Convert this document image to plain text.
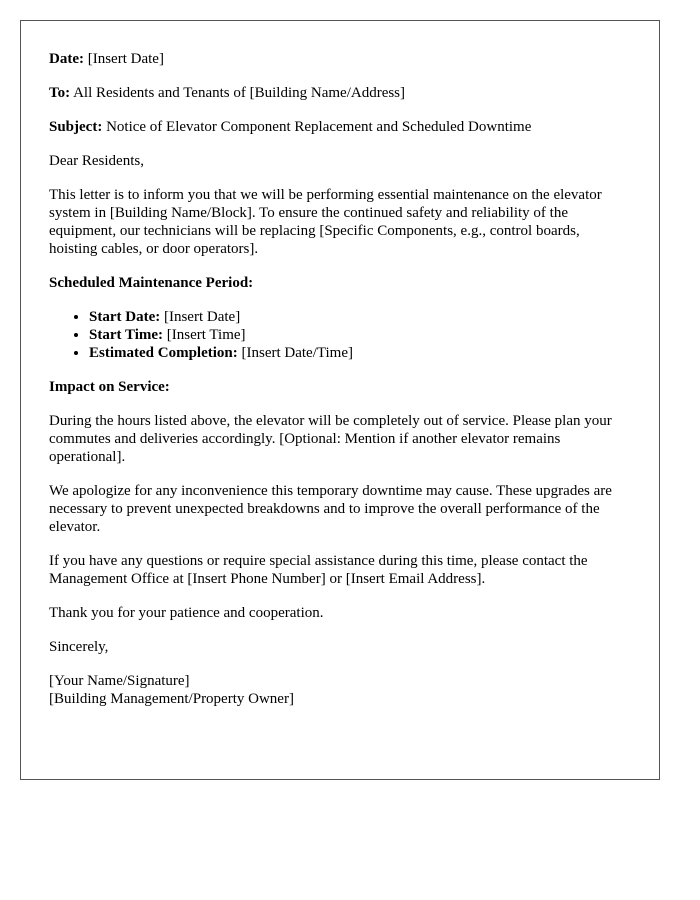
Date: [Insert Date]

To: All Residents and Tenants of [Building Name/Address]

Subject: Notice of Elevator Component Replacement and Scheduled Downtime

Dear Residents,

This letter is to inform you that we will be performing essential maintenance on the elevator system in [Building Name/Block]. To ensure the continued safety and reliability of the equipment, our technicians will be replacing [Specific Components, e.g., control boards, hoisting cables, or door operators].

Scheduled Maintenance Period:

• Start Date: [Insert Date]
• Start Time: [Insert Time]
• Estimated Completion: [Insert Date/Time]

Impact on Service:

During the hours listed above, the elevator will be completely out of service. Please plan your commutes and deliveries accordingly. [Optional: Mention if another elevator remains operational].

We apologize for any inconvenience this temporary downtime may cause. These upgrades are necessary to prevent unexpected breakdowns and to improve the overall performance of the elevator.

If you have any questions or require special assistance during this time, please contact the Management Office at [Insert Phone Number] or [Insert Email Address].

Thank you for your patience and cooperation.

Sincerely,

[Your Name/Signature]

[Building Management/Property Owner]
